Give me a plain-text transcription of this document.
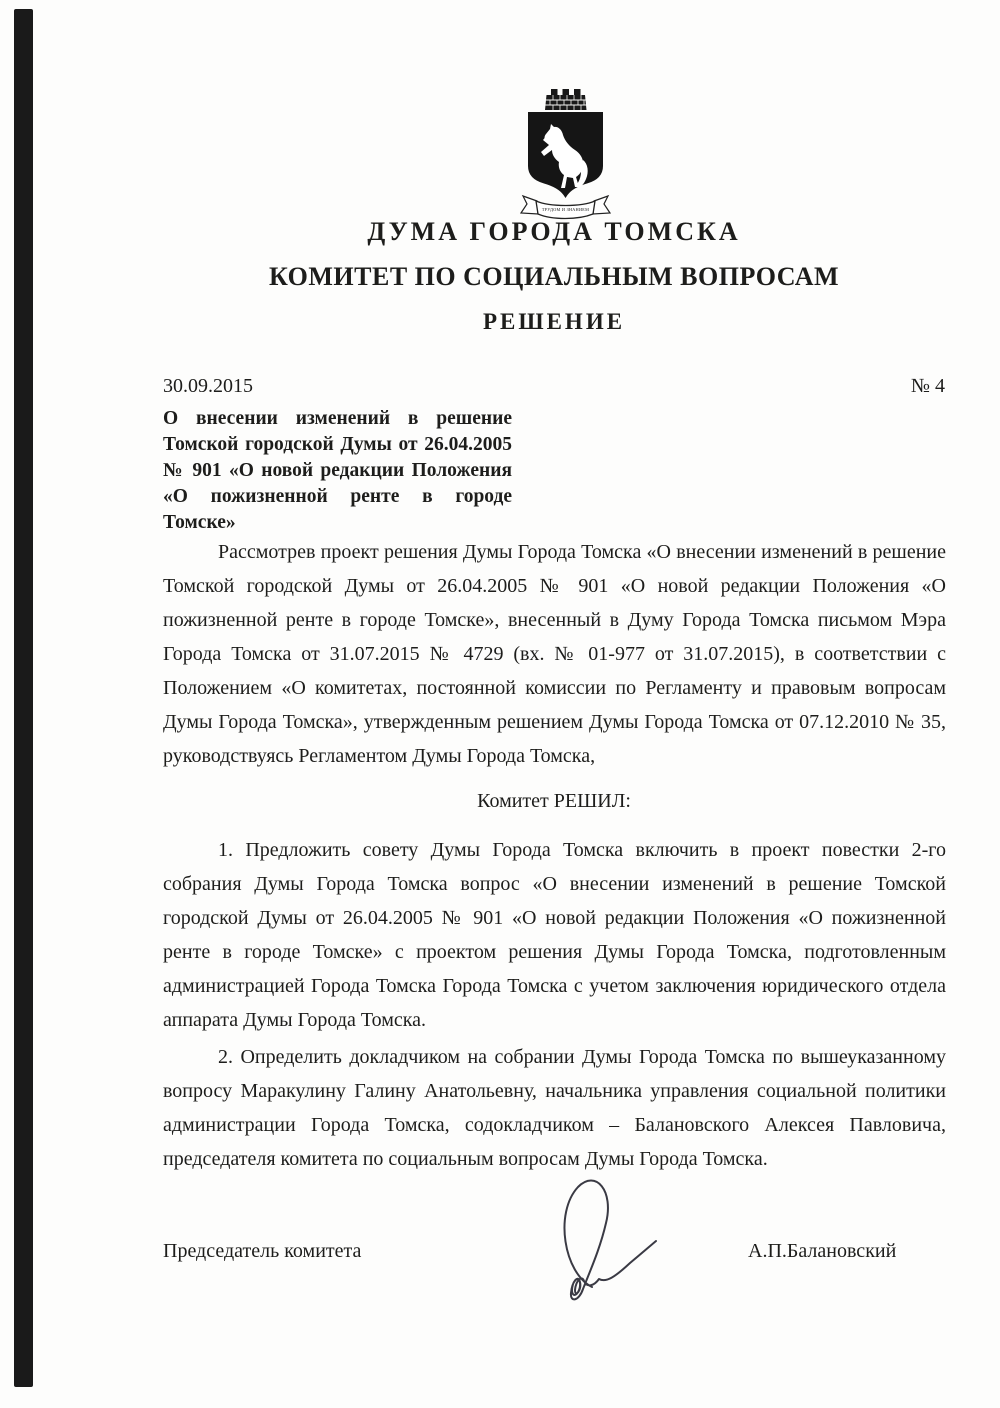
ТРУДОМ И ЗНАНИЕМ
ДУМА ГОРОДА ТОМСКА
КОМИТЕТ ПО СОЦИАЛЬНЫМ ВОПРОСАМ
РЕШЕНИЕ
30.09.2015	№ 4
О внесении изменений в решение Томской городской Думы от 26.04.2005 № 901 «О новой редакции Положения «О пожизненной ренте в городе Томске»

Рассмотрев проект решения Думы Города Томска «О внесении изменений в решение Томской городской Думы от 26.04.2005 № 901 «О новой редакции Положения «О пожизненной ренте в городе Томске», внесенный в Думу Города Томска письмом Мэра Города Томска от 31.07.2015 № 4729 (вх. № 01-977 от 31.07.2015), в соответствии с Положением «О комитетах, постоянной комиссии по Регламенту и правовым вопросам Думы Города Томска», утвержденным решением Думы Города Томска от 07.12.2010 № 35, руководствуясь Регламентом Думы Города Томска,

Комитет РЕШИЛ:

1. Предложить совету Думы Города Томска включить в проект повестки 2-го собрания Думы Города Томска вопрос «О внесении изменений в решение Томской городской Думы от 26.04.2005 № 901 «О новой редакции Положения «О пожизненной ренте в городе Томске» с проектом решения Думы Города Томска, подготовленным администрацией Города Томска Города Томска с учетом заключения юридического отдела аппарата Думы Города Томска.

2. Определить докладчиком на собрании Думы Города Томска по вышеуказанному вопросу Маракулину Галину Анатольевну, начальника управления социальной политики администрации Города Томска, содокладчиком – Балановского Алексея Павловича, председателя комитета по социальным вопросам Думы Города Томска.

Председатель комитета	А.П.Балановский
